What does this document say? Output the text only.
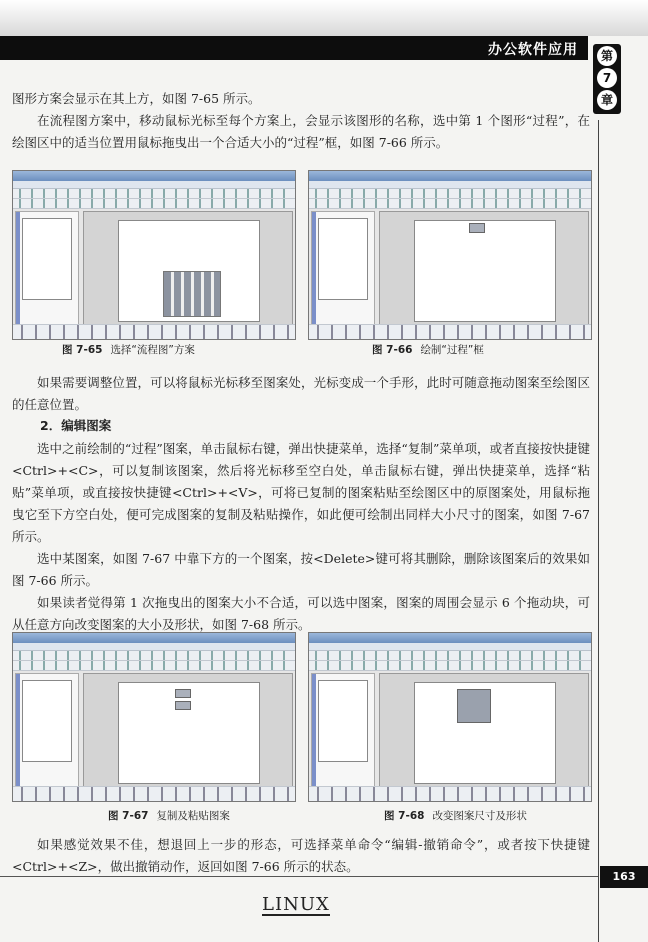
办公软件应用	第
7
章
图形方案会显示在其上方，如图 7-65 所示。
在流程图方案中，移动鼠标光标至每个方案上，会显示该图形的名称，选中第 1 个图形“过程”，在绘图区中的适当位置用鼠标拖曳出一个合适大小的“过程”框，如图 7-66 所示。
图 7-65 选择“流程图”方案	图 7-66 绘制“过程”框
如果需要调整位置，可以将鼠标光标移至图案处，光标变成一个手形，此时可随意拖动图案至绘图区的任意位置。
2．编辑图案
选中之前绘制的“过程”图案，单击鼠标右键，弹出快捷菜单，选择“复制”菜单项，或者直接按快捷键<Ctrl>+<C>，可以复制该图案，然后将光标移至空白处，单击鼠标右键，弹出快捷菜单，选择“粘贴”菜单项，或直接按快捷键<Ctrl>+<V>，可将已复制的图案粘贴至绘图区中的原图案处，用鼠标拖曳它至下方空白处，便可完成图案的复制及粘贴操作，如此便可绘制出同样大小尺寸的图案，如图 7-67 所示。
选中某图案，如图 7-67 中靠下方的一个图案，按<Delete>键可将其删除，删除该图案后的效果如图 7-66 所示。
如果读者觉得第 1 次拖曳出的图案大小不合适，可以选中图案，图案的周围会显示 6 个拖动块，可从任意方向改变图案的大小及形状，如图 7-68 所示。
图 7-67 复制及粘贴图案	图 7-68 改变图案尺寸及形状
如果感觉效果不佳，想退回上一步的形态，可选择菜单命令“编辑-撤销命令”，或者按下快捷键<Ctrl>+<Z>，做出撤销动作，返回如图 7-66 所示的状态。
163
LINUX
